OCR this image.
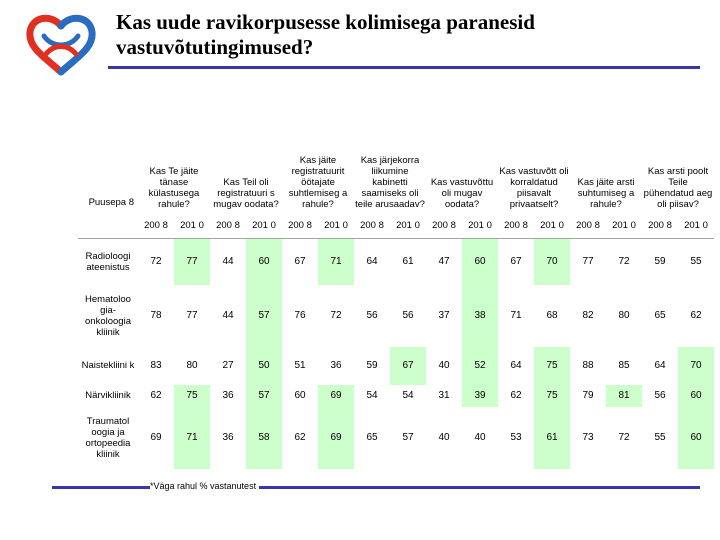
Kas uude ravikorpusesse kolimisega paranesid vastuvõtutingimused?
Puusepa 8	Kas Te jäite tänase külastusega rahule?		Kas Teil oli registratuuri s mugav oodata?		Kas jäite registratuurit öötajate suhtlemiseg a rahule?		Kas järjekorra liikumine kabinetti saamiseks oli teile arusaadav?		Kas vastuvõttu oli mugav oodata?		Kas vastuvõtt oli korraldatud piisavalt privaatselt?		Kas jäite arsti suhtumiseg a rahule?		Kas arsti poolt Teile pühendatud aeg oli piisav?	
	200 8	201 0	200 8	201 0	200 8	201 0	200 8	201 0	200 8	201 0	200 8	201 0	200 8	201 0	200 8	201 0
Radioloogi ateenistus	72	77	44	60	67	71	64	61	47	60	67	70	77	72	59	55
Hematoloo gia-onkoloogia kliinik	78	77	44	57	76	72	56	56	37	38	71	68	82	80	65	62
Naistekliini k	83	80	27	50	51	36	59	67	40	52	64	75	88	85	64	70
Närvikliinik	62	75	36	57	60	69	54	54	31	39	62	75	79	81	56	60
Traumatol oogia ja ortopeedia kliinik	69	71	36	58	62	69	65	57	40	40	53	61	73	72	55	60
*Väga rahul % vastanutest
